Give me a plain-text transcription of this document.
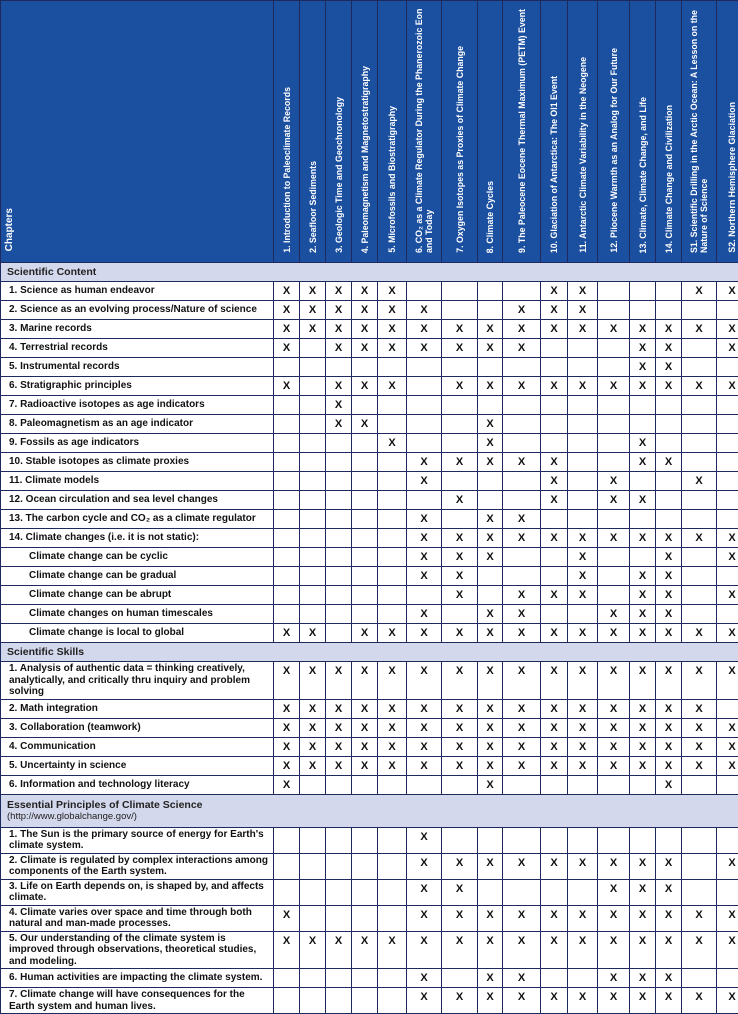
Chapters	1. Introduction to Paleoclimate Records	2. Seafloor Sediments	3. Geologic Time and Geochronology	4. Paleomagnetism and Magnetostratigraphy	5. Microfossils and Biostratigraphy	6. CO₂ as a Climate Regulator During the Phanerozoic Eon and Today	7. Oxygen Isotopes as Proxies of Climate Change	8. Climate Cycles	9. The Paleocene Eocene Thermal Maximum (PETM) Event	10. Glaciation of Antarctica: The OI1 Event	11. Antarctic Climate Variability in the Neogene	12. Pliocene Warmth as an Analog for Our Future	13. Climate, Climate Change, and Life	14. Climate Change and Civilization	S1. Scientific Drilling in the Arctic Ocean: A Lesson on the Nature of Science	S2. Northern Hemisphere Glaciation
Scientific Content																
1. Science as human endeavor	X	X	X	X	X					X	X				X	X
2. Science as an evolving process/Nature of science	X	X	X	X	X	X			X	X	X					
3. Marine records	X	X	X	X	X	X	X	X	X	X	X	X	X	X	X	X
4. Terrestrial records	X		X	X	X	X	X	X	X				X	X		X
5. Instrumental records													X	X		
6. Stratigraphic principles	X		X	X	X		X	X	X	X	X	X	X	X	X	X
7. Radioactive isotopes as age indicators			X													
8. Paleomagnetism as an age indicator			X	X				X								
9. Fossils as age indicators					X			X					X			
10. Stable isotopes as climate proxies						X	X	X	X	X			X	X		
11. Climate models						X				X		X			X	
12. Ocean circulation and sea level changes							X			X		X	X			
13. The carbon cycle and CO₂ as a climate regulator						X		X	X							
14. Climate changes (i.e. it is not static):						X	X	X	X	X	X	X	X	X	X	X
Climate change can be cyclic						X	X	X			X			X		X
Climate change can be gradual						X	X				X		X	X		
Climate change can be abrupt							X		X	X	X		X	X		X
Climate changes on human timescales						X		X	X			X	X	X		
Climate change is local to global	X	X		X	X	X	X	X	X	X	X	X	X	X	X	X
Scientific Skills																
1. Analysis of authentic data = thinking creatively, analytically, and critically thru inquiry and problem solving	X	X	X	X	X	X	X	X	X	X	X	X	X	X	X	X
2. Math integration	X	X	X	X	X	X	X	X	X	X	X	X	X	X	X	
3. Collaboration (teamwork)	X	X	X	X	X	X	X	X	X	X	X	X	X	X	X	X
4. Communication	X	X	X	X	X	X	X	X	X	X	X	X	X	X	X	X
5. Uncertainty in science	X	X	X	X	X	X	X	X	X	X	X	X	X	X	X	X
6. Information and technology literacy	X							X						X		
Essential Principles of Climate Science
(http://www.globalchange.gov/)																

1. The Sun is the primary source of energy for Earth's climate system.						X										
2. Climate is regulated by complex interactions among components of the Earth system.						X	X	X	X	X	X	X	X	X		X
3. Life on Earth depends on, is shaped by, and affects climate.						X	X					X	X	X		
4. Climate varies over space and time through both natural and man-made processes.	X					X	X	X	X	X	X	X	X	X	X	X
5. Our understanding of the climate system is improved through observations, theoretical studies, and modeling.	X	X	X	X	X	X	X	X	X	X	X	X	X	X	X	X
6. Human activities are impacting the climate system.						X		X	X			X	X	X		
7. Climate change will have consequences for the Earth system and human lives.						X	X	X	X	X	X	X	X	X	X	X
